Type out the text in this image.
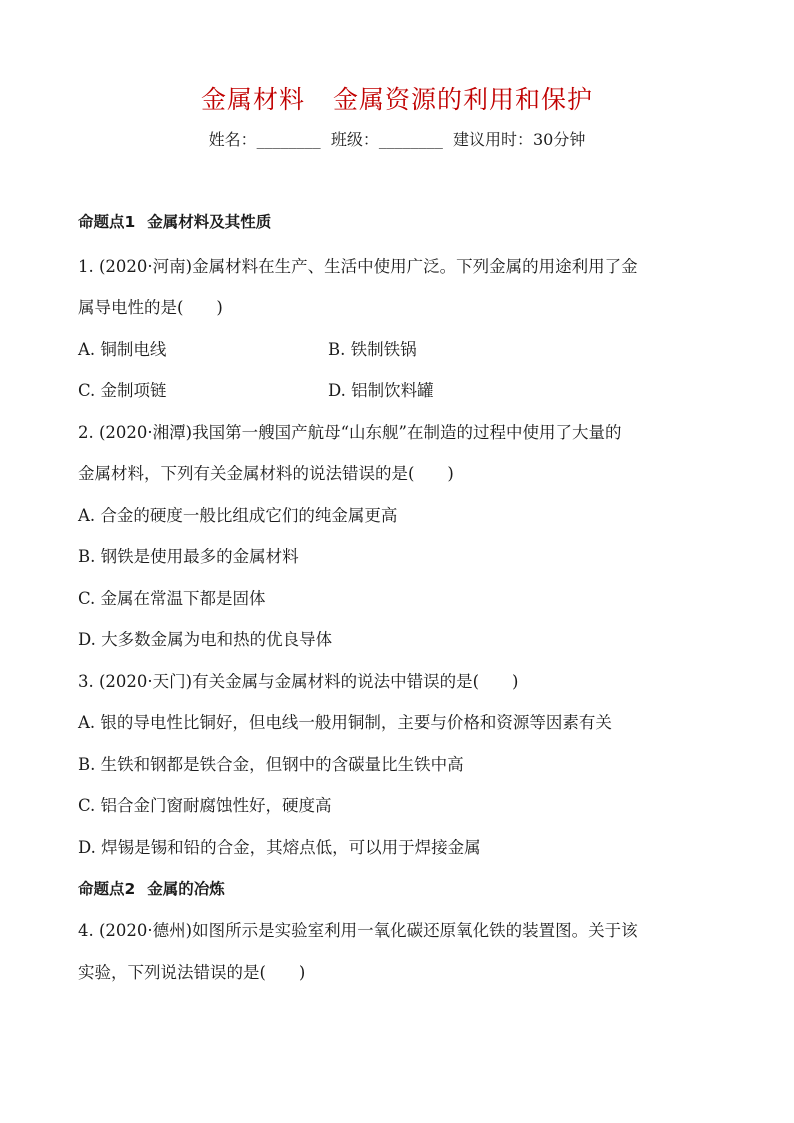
金属材料 金属资源的利用和保护
姓名：________  班级：________  建议用时：30分钟
命题点1 金属材料及其性质
1. (2020·河南)金属材料在生产、生活中使用广泛。下列金属的用途利用了金
属导电性的是(　　)
A. 铜制电线	B. 铁制铁锅
C. 金制项链	D. 铝制饮料罐
2. (2020·湘潭)我国第一艘国产航母“山东舰”在制造的过程中使用了大量的
金属材料，下列有关金属材料的说法错误的是(　　)
A. 合金的硬度一般比组成它们的纯金属更高
B. 钢铁是使用最多的金属材料
C. 金属在常温下都是固体
D. 大多数金属为电和热的优良导体
3. (2020·天门)有关金属与金属材料的说法中错误的是(　　)
A. 银的导电性比铜好，但电线一般用铜制，主要与价格和资源等因素有关
B. 生铁和钢都是铁合金，但钢中的含碳量比生铁中高
C. 铝合金门窗耐腐蚀性好，硬度高
D. 焊锡是锡和铅的合金，其熔点低，可以用于焊接金属
命题点2 金属的冶炼
4. (2020·德州)如图所示是实验室利用一氧化碳还原氧化铁的装置图。关于该
实验，下列说法错误的是(　　)
